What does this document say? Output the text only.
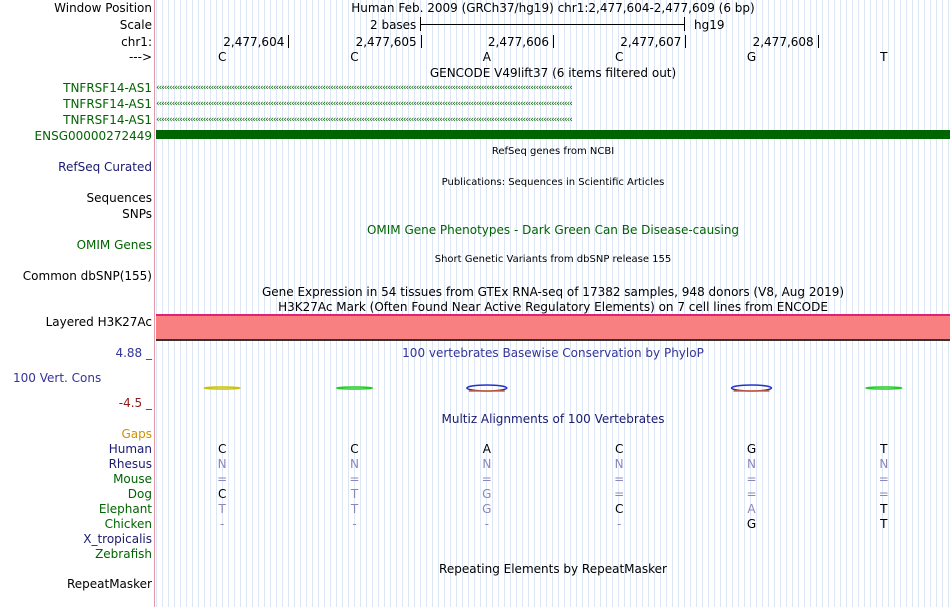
Window Position	Human Feb. 2009 (GRCh37/hg19) chr1:2,477,604-2,477,609 (6 bp)
Scale	2 bases	hg19
chr1:	2,477,604	2,477,605	2,477,606	2,477,607	2,477,608
--->	C	C	A	C	G	T
GENCODE V49lift37 (6 items filtered out)
TNFRSF14-AS1 ‹‹‹‹‹‹‹‹‹‹‹‹‹‹‹‹‹‹‹‹‹‹‹‹‹‹‹‹‹‹‹‹‹‹‹‹‹‹‹‹‹‹‹‹‹‹‹‹‹‹‹‹‹‹‹‹‹‹‹‹‹‹‹‹‹‹‹‹‹‹‹‹‹‹‹‹‹‹‹‹‹‹‹‹‹‹‹‹‹‹‹‹‹‹‹‹‹‹‹‹‹‹‹‹‹‹‹‹‹‹‹‹‹‹‹‹‹‹‹‹‹‹‹‹‹‹‹‹‹‹‹‹‹‹‹‹‹‹‹‹‹‹‹‹‹‹‹‹‹‹‹‹‹‹‹‹‹‹‹‹
TNFRSF14-AS1 ‹‹‹‹‹‹‹‹‹‹‹‹‹‹‹‹‹‹‹‹‹‹‹‹‹‹‹‹‹‹‹‹‹‹‹‹‹‹‹‹‹‹‹‹‹‹‹‹‹‹‹‹‹‹‹‹‹‹‹‹‹‹‹‹‹‹‹‹‹‹‹‹‹‹‹‹‹‹‹‹‹‹‹‹‹‹‹‹‹‹‹‹‹‹‹‹‹‹‹‹‹‹‹‹‹‹‹‹‹‹‹‹‹‹‹‹‹‹‹‹‹‹‹‹‹‹‹‹‹‹‹‹‹‹‹‹‹‹‹‹‹‹‹‹‹‹‹‹‹‹‹‹‹‹‹‹‹‹‹‹
TNFRSF14-AS1 ‹‹‹‹‹‹‹‹‹‹‹‹‹‹‹‹‹‹‹‹‹‹‹‹‹‹‹‹‹‹‹‹‹‹‹‹‹‹‹‹‹‹‹‹‹‹‹‹‹‹‹‹‹‹‹‹‹‹‹‹‹‹‹‹‹‹‹‹‹‹‹‹‹‹‹‹‹‹‹‹‹‹‹‹‹‹‹‹‹‹‹‹‹‹‹‹‹‹‹‹‹‹‹‹‹‹‹‹‹‹‹‹‹‹‹‹‹‹‹‹‹‹‹‹‹‹‹‹‹‹‹‹‹‹‹‹‹‹‹‹‹‹‹‹‹‹‹‹‹‹‹‹‹‹‹‹‹‹‹‹
ENSG00000272449
RefSeq genes from NCBI
RefSeq Curated
Publications: Sequences in Scientific Articles
Sequences
SNPs
OMIM Gene Phenotypes - Dark Green Can Be Disease-causing
OMIM Genes
Short Genetic Variants from dbSNP release 155
Common dbSNP(155)
Gene Expression in 54 tissues from GTEx RNA-seq of 17382 samples, 948 donors (V8, Aug 2019)
H3K27Ac Mark (Often Found Near Active Regulatory Elements) on 7 cell lines from ENCODE
Layered H3K27Ac
4.88 _	100 vertebrates Basewise Conservation by PhyloP
100 Vert. Cons
-4.5 _
Multiz Alignments of 100 Vertebrates
Gaps
Human	C	C	A	C	G	T
Rhesus	N	N	N	N	N	N
Mouse	=	=	=	=	=	=
Dog	C	T	G	=	=	=
Elephant	T	T	G	C	A	T
Chicken	-	-	-	-	G	T
X_tropicalis
Zebrafish
Repeating Elements by RepeatMasker
RepeatMasker
